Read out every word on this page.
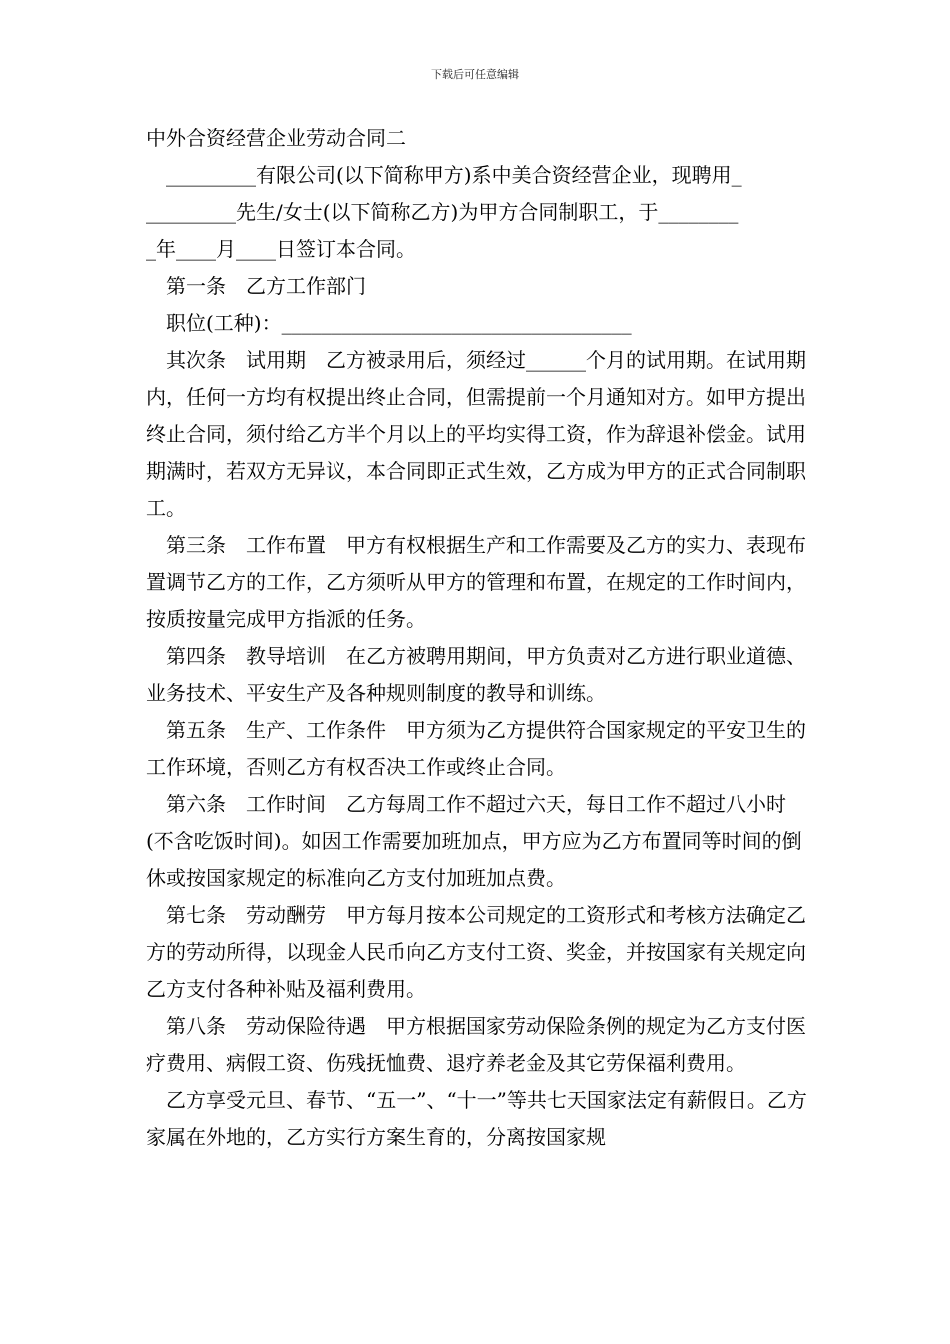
下载后可任意编辑
中外合资经营企业劳动合同二

_________有限公司(以下简称甲方)系中美合资经营企业，现聘用_

_________先生/女士(以下简称乙方)为甲方合同制职工，于________

_年____月____日签订本合同。

第一条　乙方工作部门

职位(工种)：___________________________________

其次条　试用期　乙方被录用后，须经过______个月的试用期。在试用期内，任何一方均有权提出终止合同，但需提前一个月通知对方。如甲方提出终止合同，须付给乙方半个月以上的平均实得工资，作为辞退补偿金。试用期满时，若双方无异议，本合同即正式生效，乙方成为甲方的正式合同制职工。

第三条　工作布置　甲方有权根据生产和工作需要及乙方的实力、表现布置调节乙方的工作，乙方须听从甲方的管理和布置，在规定的工作时间内，按质按量完成甲方指派的任务。

第四条　教导培训　在乙方被聘用期间，甲方负责对乙方进行职业道德、业务技术、平安生产及各种规则制度的教导和训练。

第五条　生产、工作条件　甲方须为乙方提供符合国家规定的平安卫生的工作环境，否则乙方有权否决工作或终止合同。

第六条　工作时间　乙方每周工作不超过六天，每日工作不超过八小时(不含吃饭时间)。如因工作需要加班加点，甲方应为乙方布置同等时间的倒休或按国家规定的标准向乙方支付加班加点费。

第七条　劳动酬劳　甲方每月按本公司规定的工资形式和考核方法确定乙方的劳动所得，以现金人民币向乙方支付工资、奖金，并按国家有关规定向乙方支付各种补贴及福利费用。

第八条　劳动保险待遇　甲方根据国家劳动保险条例的规定为乙方支付医疗费用、病假工资、伤残抚恤费、退疗养老金及其它劳保福利费用。

乙方享受元旦、春节、“五一”、“十一”等共七天国家法定有薪假日。乙方家属在外地的，乙方实行方案生育的，分离按国家规
